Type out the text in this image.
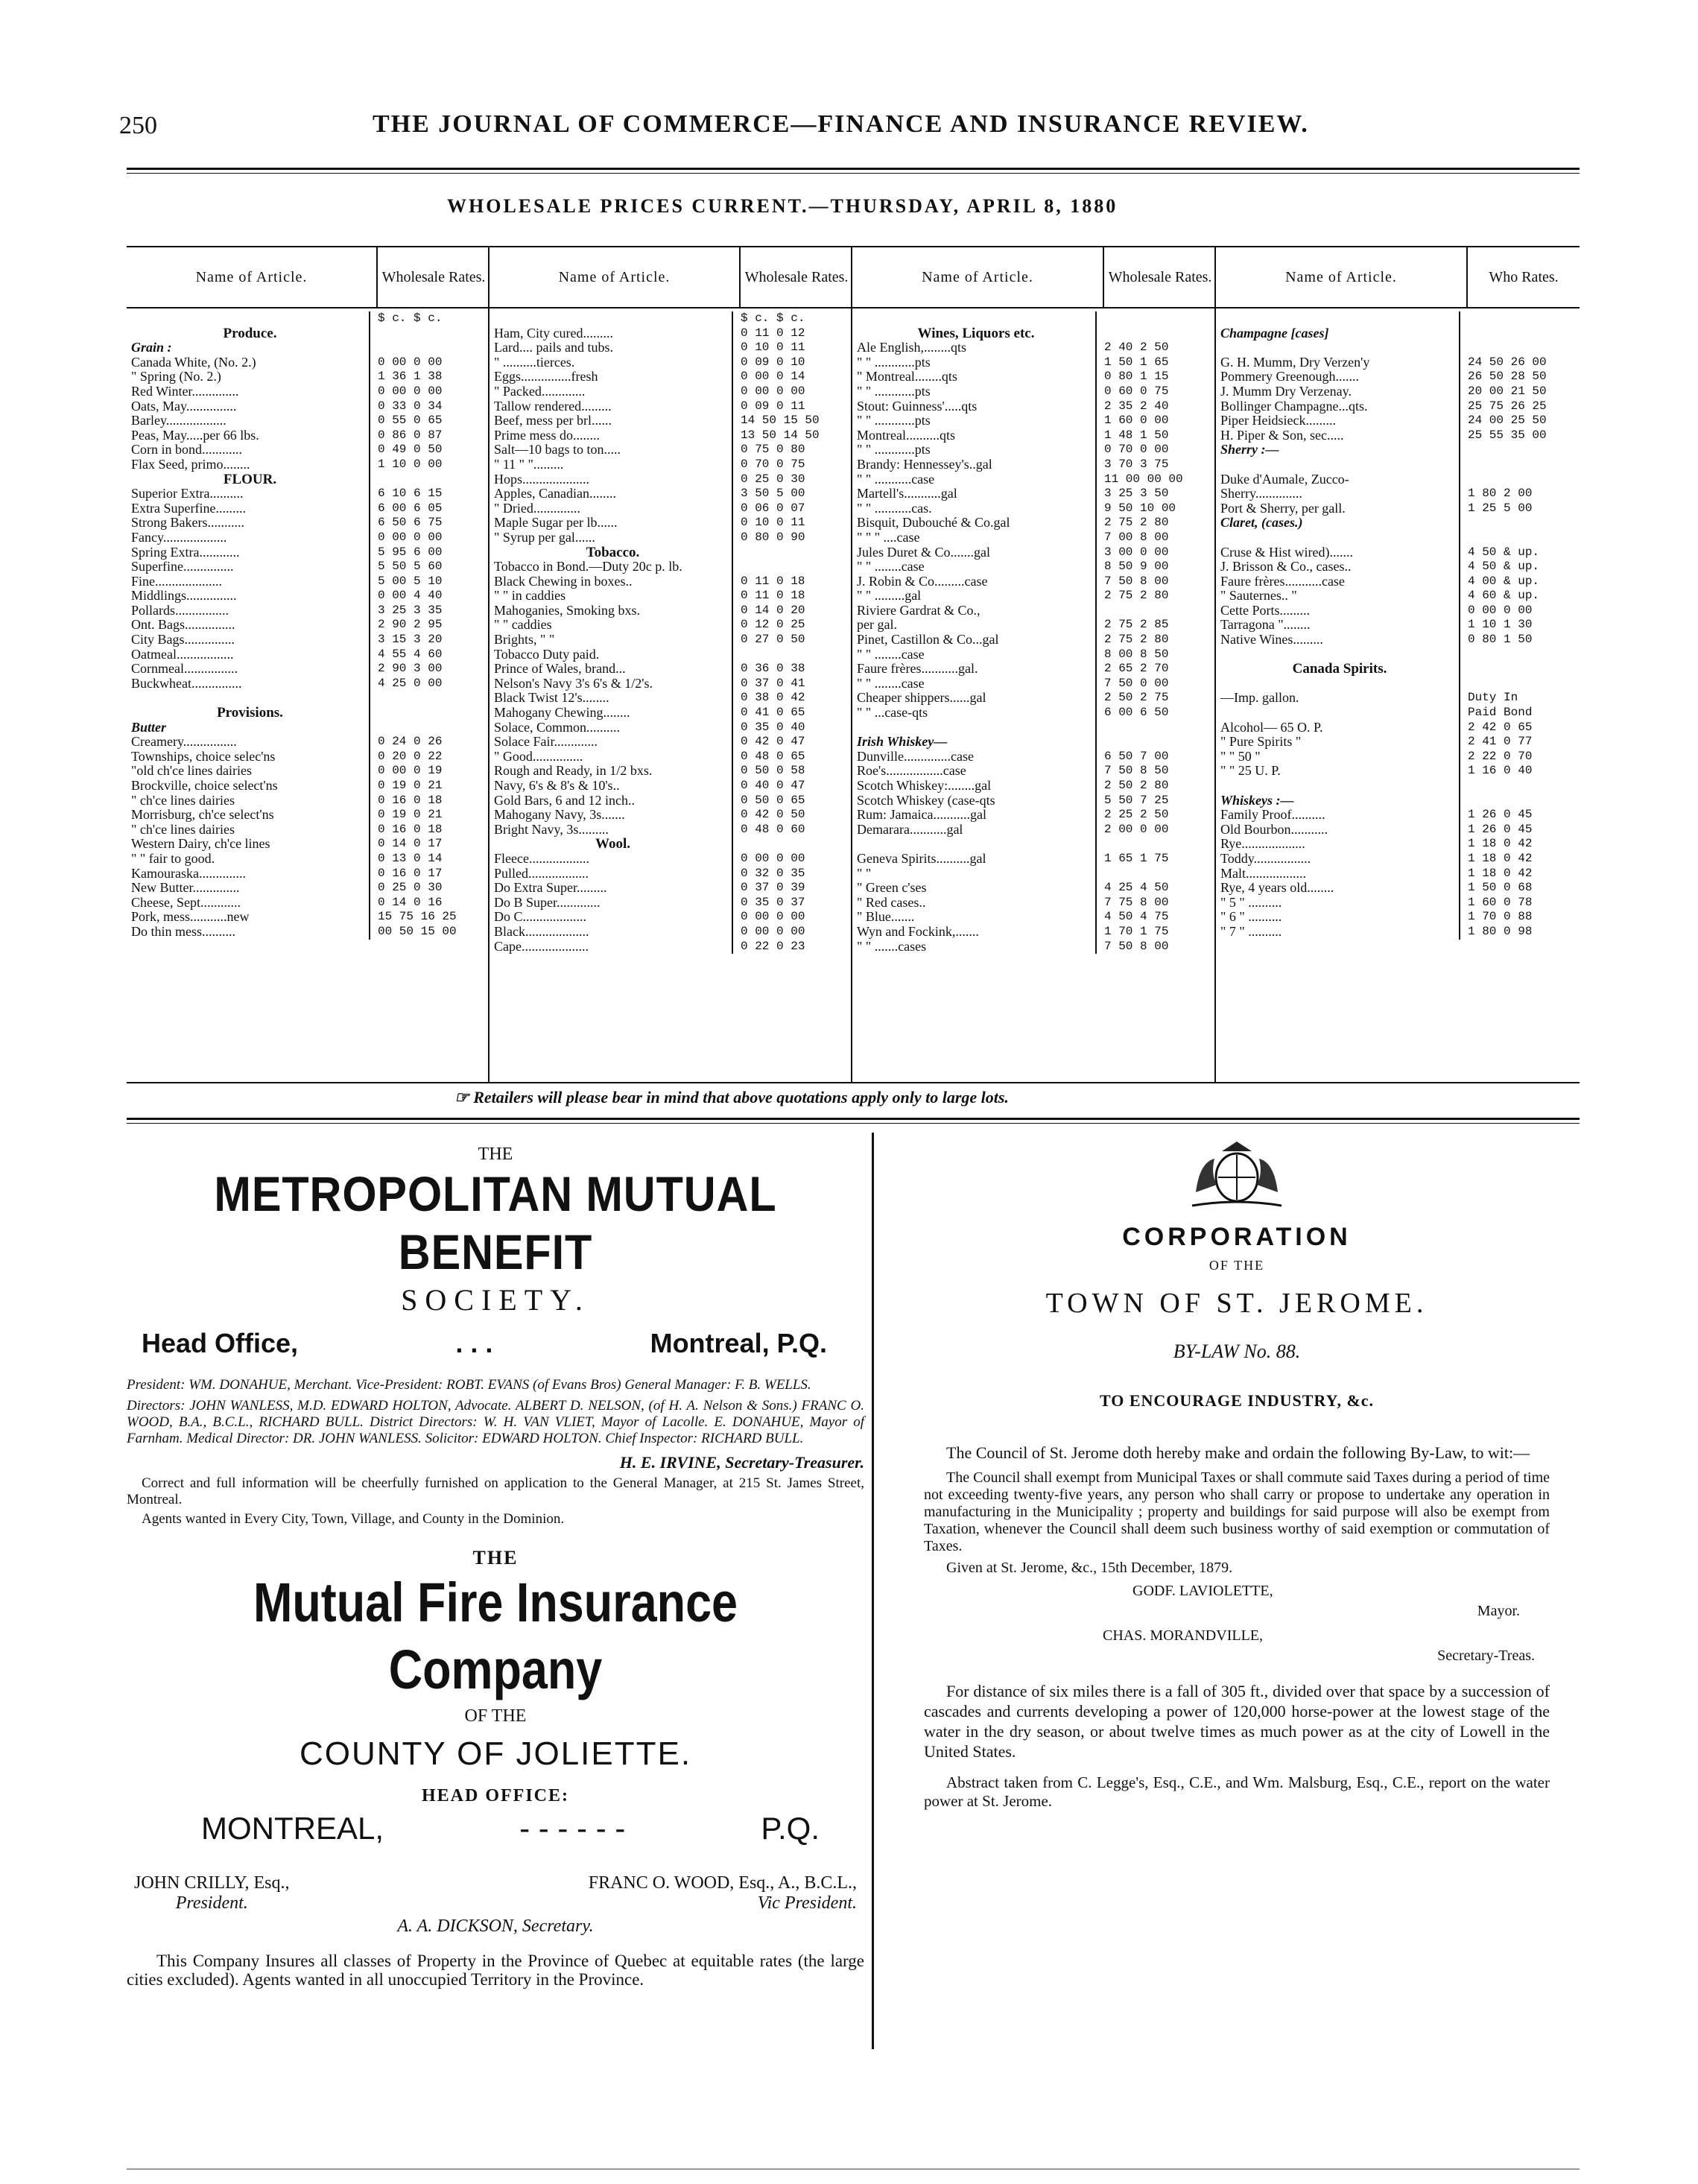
250	THE JOURNAL OF COMMERCE—FINANCE AND INSURANCE REVIEW.
WHOLESALE PRICES CURRENT.—THURSDAY, APRIL 8, 1880
Name of Article.	Wholesale Rates.
$ c. $ c.
Produce.
Grain :
Canada White, (No. 2.)	0 00 0 00
" Spring (No. 2.)	1 36 1 38
Red Winter..............	0 00 0 00
Oats, May...............	0 33 0 34
Barley..................	0 55 0 65
Peas, May.....per 66 lbs.	0 86 0 87
Corn in bond............	0 49 0 50
Flax Seed, primo........	1 10 0 00
FLOUR.
Superior Extra..........	6 10 6 15
Extra Superfine.........	6 00 6 05
Strong Bakers...........	6 50 6 75
Fancy...................	0 00 0 00
Spring Extra............	5 95 6 00
Superfine...............	5 50 5 60
Fine....................	5 00 5 10
Middlings...............	0 00 4 40
Pollards................	3 25 3 35
Ont. Bags...............	2 90 2 95
City Bags...............	3 15 3 20
Oatmeal.................	4 55 4 60
Cornmeal................	2 90 3 00
Buckwheat...............	4 25 0 00
Provisions.
Butter
Creamery................	0 24 0 26
Townships, choice selec'ns	0 20 0 22
"old ch'ce lines dairies	0 00 0 19
Brockville, choice select'ns	0 19 0 21
" ch'ce lines dairies	0 16 0 18
Morrisburg, ch'ce select'ns	0 19 0 21
" ch'ce lines dairies	0 16 0 18
Western Dairy, ch'ce lines	0 14 0 17
" " fair to good.	0 13 0 14
Kamouraska..............	0 16 0 17
New Butter..............	0 25 0 30
Cheese, Sept............	0 14 0 16
Pork, mess...........new	15 75 16 25
Do thin mess..........	00 50 15 00
Name of Article.	Wholesale Rates.
$ c. $ c.
Ham, City cured.........	0 11 0 12
Lard.... pails and tubs.	0 10 0 11
" ..........tierces.	0 09 0 10
Eggs...............fresh	0 00 0 14
" Packed.............	0 00 0 00
Tallow rendered.........	0 09 0 11
Beef, mess per brl......	14 50 15 50
Prime mess do........	13 50 14 50
Salt—10 bags to ton.....	0 75 0 80
" 11 " ".........	0 70 0 75
Hops....................	0 25 0 30
Apples, Canadian........	3 50 5 00
" Dried..............	0 06 0 07
Maple Sugar per lb......	0 10 0 11
" Syrup per gal......	0 80 0 90
Tobacco.
Tobacco in Bond.—Duty 20c p. lb.
Black Chewing in boxes..	0 11 0 18
" " in caddies	0 11 0 18
Mahoganies, Smoking bxs.	0 14 0 20
" " caddies	0 12 0 25
Brights, " "	0 27 0 50
Tobacco Duty paid.
Prince of Wales, brand...	0 36 0 38
Nelson's Navy 3's 6's & 1/2's.	0 37 0 41
Black Twist 12's........	0 38 0 42
Mahogany Chewing........	0 41 0 65
Solace, Common..........	0 35 0 40
Solace Fair.............	0 42 0 47
" Good...............	0 48 0 65
Rough and Ready, in 1/2 bxs.	0 50 0 58
Navy, 6's & 8's & 10's..	0 40 0 47
Gold Bars, 6 and 12 inch..	0 50 0 65
Mahogany Navy, 3s.......	0 42 0 50
Bright Navy, 3s.........	0 48 0 60
Wool.
Fleece..................	0 00 0 00
Pulled..................	0 32 0 35
Do Extra Super.........	0 37 0 39
Do B Super.............	0 35 0 37
Do C...................	0 00 0 00
Black...................	0 00 0 00
Cape....................	0 22 0 23
Name of Article.	Wholesale Rates.
Wines, Liquors etc.
Ale English,........qts	2 40 2 50
" " ............pts	1 50 1 65
" Montreal........qts	0 80 1 15
" " ............pts	0 60 0 75
Stout: Guinness'.....qts	2 35 2 40
" " ............pts	1 60 0 00
Montreal..........qts	1 48 1 50
" " ............pts	0 70 0 00
Brandy: Hennessey's..gal	3 70 3 75
" " ...........case	11 00 00 00
Martell's...........gal	3 25 3 50
" " ...........cas.	9 50 10 00
Bisquit, Dubouché & Co.gal	2 75 2 80
" " " ....case	7 00 8 00
Jules Duret & Co.......gal	3 00 0 00
" " ........case	8 50 9 00
J. Robin & Co.........case	7 50 8 00
" " .........gal	2 75 2 80
Riviere Gardrat & Co.,
per gal.	2 75 2 85
Pinet, Castillon & Co...gal	2 75 2 80
" " ........case	8 00 8 50
Faure frères...........gal.	2 65 2 70
" " ........case	7 50 0 00
Cheaper shippers......gal	2 50 2 75
" " ...case-qts	6 00 6 50
Irish Whiskey—
Dunville..............case	6 50 7 00
Roe's.................case	7 50 8 50
Scotch Whiskey:........gal	2 50 2 80
Scotch Whiskey (case-qts	5 50 7 25
Rum: Jamaica...........gal	2 25 2 50
Demarara...........gal	2 00 0 00
Geneva Spirits..........gal	1 65 1 75
" "
" Green c'ses	4 25 4 50
" Red cases..	7 75 8 00
" Blue.......	4 50 4 75
Wyn and Fockink,.......	1 70 1 75
" " .......cases	7 50 8 00
Name of Article.	Who Rates.
Champagne [cases]
G. H. Mumm, Dry Verzen'y	24 50 26 00
Pommery Greenough.......	26 50 28 50
J. Mumm Dry Verzenay.	20 00 21 50
Bollinger Champagne...qts.	25 75 26 25
Piper Heidsieck.........	24 00 25 50
H. Piper & Son, sec.....	25 55 35 00
Sherry :—
Duke d'Aumale, Zucco-
Sherry..............	1 80 2 00
Port & Sherry, per gall.	1 25 5 00
Claret, (cases.)
Cruse & Hist wired).......	4 50 & up.
J. Brisson & Co., cases..	4 50 & up.
Faure frères...........case	4 00 & up.
" Sauternes.. "	4 60 & up.
Cette Ports.........	0 00 0 00
Tarragona "........	1 10 1 30
Native Wines.........	0 80 1 50
Canada Spirits.
—Imp. gallon.	Duty In
Paid Bond
Alcohol— 65 O. P.	2 42 0 65
" Pure Spirits "	2 41 0 77
" " 50 "	2 22 0 70
" " 25 U. P.	1 16 0 40
Whiskeys :—
Family Proof..........	1 26 0 45
Old Bourbon...........	1 26 0 45
Rye...................	1 18 0 42
Toddy.................	1 18 0 42
Malt..................	1 18 0 42
Rye, 4 years old........	1 50 0 68
" 5 " ..........	1 60 0 78
" 6 " ..........	1 70 0 88
" 7 " ..........	1 80 0 98
☞ Retailers will please bear in mind that above quotations apply only to large lots.
THE
METROPOLITAN MUTUAL BENEFIT
SOCIETY.
Head Office,	. . .	Montreal, P.Q.

President: WM. DONAHUE, Merchant. Vice-President: ROBT. EVANS (of Evans Bros) General Manager: F. B. WELLS.

Directors: JOHN WANLESS, M.D. EDWARD HOLTON, Advocate. ALBERT D. NELSON, (of H. A. Nelson & Sons.) FRANC O. WOOD, B.A., B.C.L., RICHARD BULL. District Directors: W. H. VAN VLIET, Mayor of Lacolle. E. DONAHUE, Mayor of Farnham. Medical Director: DR. JOHN WANLESS. Solicitor: EDWARD HOLTON. Chief Inspector: RICHARD BULL.

H. E. IRVINE, Secretary-Treasurer.

Correct and full information will be cheerfully furnished on application to the General Manager, at 215 St. James Street, Montreal.

Agents wanted in Every City, Town, Village, and County in the Dominion.

THE
Mutual Fire Insurance Company
OF THE
COUNTY OF JOLIETTE.
HEAD OFFICE:
MONTREAL,	- - - - - -	P.Q.
JOHN CRILLY, Esq.,
President.
FRANC O. WOOD, Esq., A., B.C.L.,
Vic President.
A. A. DICKSON, Secretary.

This Company Insures all classes of Property in the Province of Quebec at equitable rates (the large cities excluded). Agents wanted in all unoccupied Territory in the Province.

CORPORATION
OF THE
TOWN OF ST. JEROME.
BY-LAW No. 88.
TO ENCOURAGE INDUSTRY, &c.

The Council of St. Jerome doth hereby make and ordain the following By-Law, to wit:—

The Council shall exempt from Municipal Taxes or shall commute said Taxes during a period of time not exceeding twenty-five years, any person who shall carry or propose to undertake any operation in manufacturing in the Municipality ; property and buildings for said purpose will also be exempt from Taxation, whenever the Council shall deem such business worthy of said exemption or commutation of Taxes.

Given at St. Jerome, &c., 15th December, 1879.

GODF. LAVIOLETTE,

Mayor.

CHAS. MORANDVILLE,

Secretary-Treas.

For distance of six miles there is a fall of 305 ft., divided over that space by a succession of cascades and currents developing a power of 120,000 horse-power at the lowest stage of the water in the dry season, or about twelve times as much power as at the city of Lowell in the United States.

Abstract taken from C. Legge's, Esq., C.E., and Wm. Malsburg, Esq., C.E., report on the water power at St. Jerome.
